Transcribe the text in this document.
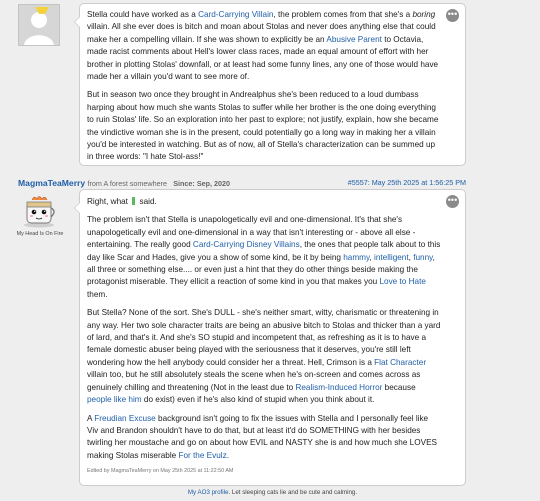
•••

Stella could have worked as a Card-Carrying Villain, the problem comes from that she's a boring villain. All she ever does is bitch and moan about Stolas and never does anything else that could make her a compelling villain. If she was shown to explicitly be an Abusive Parent to Octavia, made racist comments about Hell's lower class races, made an equal amount of effort with her brother in plotting Stolas' downfall, or at least had some funny lines, any one of those would have made her a villain you'd want to see more of.

But in season two once they brought in Andrealphus she's been reduced to a loud dumbass harping about how much she wants Stolas to suffer while her brother is the one doing everything to ruin Stolas' life. So an exploration into her past to explore; not justify, explain, how she became the vindictive woman she is in the present, could potentially go a long way in making her a villain you'd be interested in watching. But as of now, all of Stella's characterization can be summed up in three words: "I hate Stol-ass!"

MagmaTeaMerry from A forest somewhere Since: Sep, 2020	#5557: May 25th 2025 at 1:56:25 PM
My Head Is On Fire
•••

Right, what  said.

The problem isn't that Stella is unapologetically evil and one-dimensional. It's that she's unapologetically evil and one-dimensional in a way that isn't interesting or - above all else - entertaining. The really good Card-Carrying Disney Villains, the ones that people talk about to this day like Scar and Hades, give you a show of some kind, be it by being hammy, intelligent, funny, all three or something else.... or even just a hint that they do other things beside making the protagonist miserable. They ellicit a reaction of some kind in you that makes you Love to Hate them.

But Stella? None of the sort. She's DULL - she's neither smart, witty, charismatic or threatening in any way. Her two sole character traits are being an abusive bitch to Stolas and thicker than a yard of lard, and that's it. And she's SO stupid and incompetent that, as refreshing as it is to have a female domestic abuser being played with the seriousness that it deserves, you're still left wondering how the hell anybody could consider her a threat. Hell, Crimson is a Flat Character villain too, but he still absolutely steals the scene when he's on-screen and comes across as genuinely chilling and threatening (Not in the least due to Realism-Induced Horror because people like him do exist) even if he's also kind of stupid when you think about it.

A Freudian Excuse background isn't going to fix the issues with Stella and I personally feel like Viv and Brandon shouldn't have to do that, but at least it'd do SOMETHING with her besides twirling her moustache and go on about how EVIL and NASTY she is and how much she LOVES making Stolas miserable For the Evulz.

Edited by MagmaTeaMerry on May 25th 2025 at 11:22:50 AM
My AO3 profile. Let sleeping cats lie and be cute and calming.
